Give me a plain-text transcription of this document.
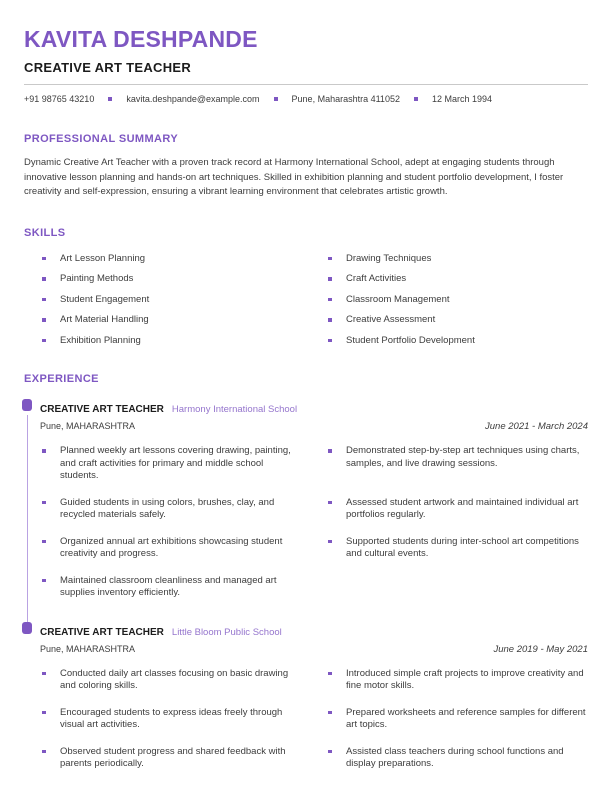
KAVITA DESHPANDE
CREATIVE ART TEACHER
+91 98765 43210	kavita.deshpande@example.com	Pune, Maharashtra 411052	12 March 1994
PROFESSIONAL SUMMARY
Dynamic Creative Art Teacher with a proven track record at Harmony International School, adept at engaging students through innovative lesson planning and hands-on art techniques. Skilled in exhibition planning and student portfolio development, I foster creativity and self-expression, ensuring a vibrant learning environment that celebrates artistic growth.
SKILLS
Art Lesson Planning	Drawing Techniques
Painting Methods	Craft Activities
Student Engagement	Classroom Management
Art Material Handling	Creative Assessment
Exhibition Planning	Student Portfolio Development
EXPERIENCE
CREATIVE ART TEACHER Harmony International School
Pune, MAHARASHTRA	June 2021 - March 2024
Planned weekly art lessons covering drawing, painting, and craft activities for primary and middle school students.
Demonstrated step-by-step art techniques using charts, samples, and live drawing sessions.
Guided students in using colors, brushes, clay, and recycled materials safely.
Assessed student artwork and maintained individual art portfolios regularly.
Organized annual art exhibitions showcasing student creativity and progress.
Supported students during inter-school art competitions and cultural events.
Maintained classroom cleanliness and managed art supplies inventory efficiently.
CREATIVE ART TEACHER Little Bloom Public School
Pune, MAHARASHTRA	June 2019 - May 2021
Conducted daily art classes focusing on basic drawing and coloring skills.
Introduced simple craft projects to improve creativity and fine motor skills.
Encouraged students to express ideas freely through visual art activities.
Prepared worksheets and reference samples for different art topics.
Observed student progress and shared feedback with parents periodically.
Assisted class teachers during school functions and display preparations.
